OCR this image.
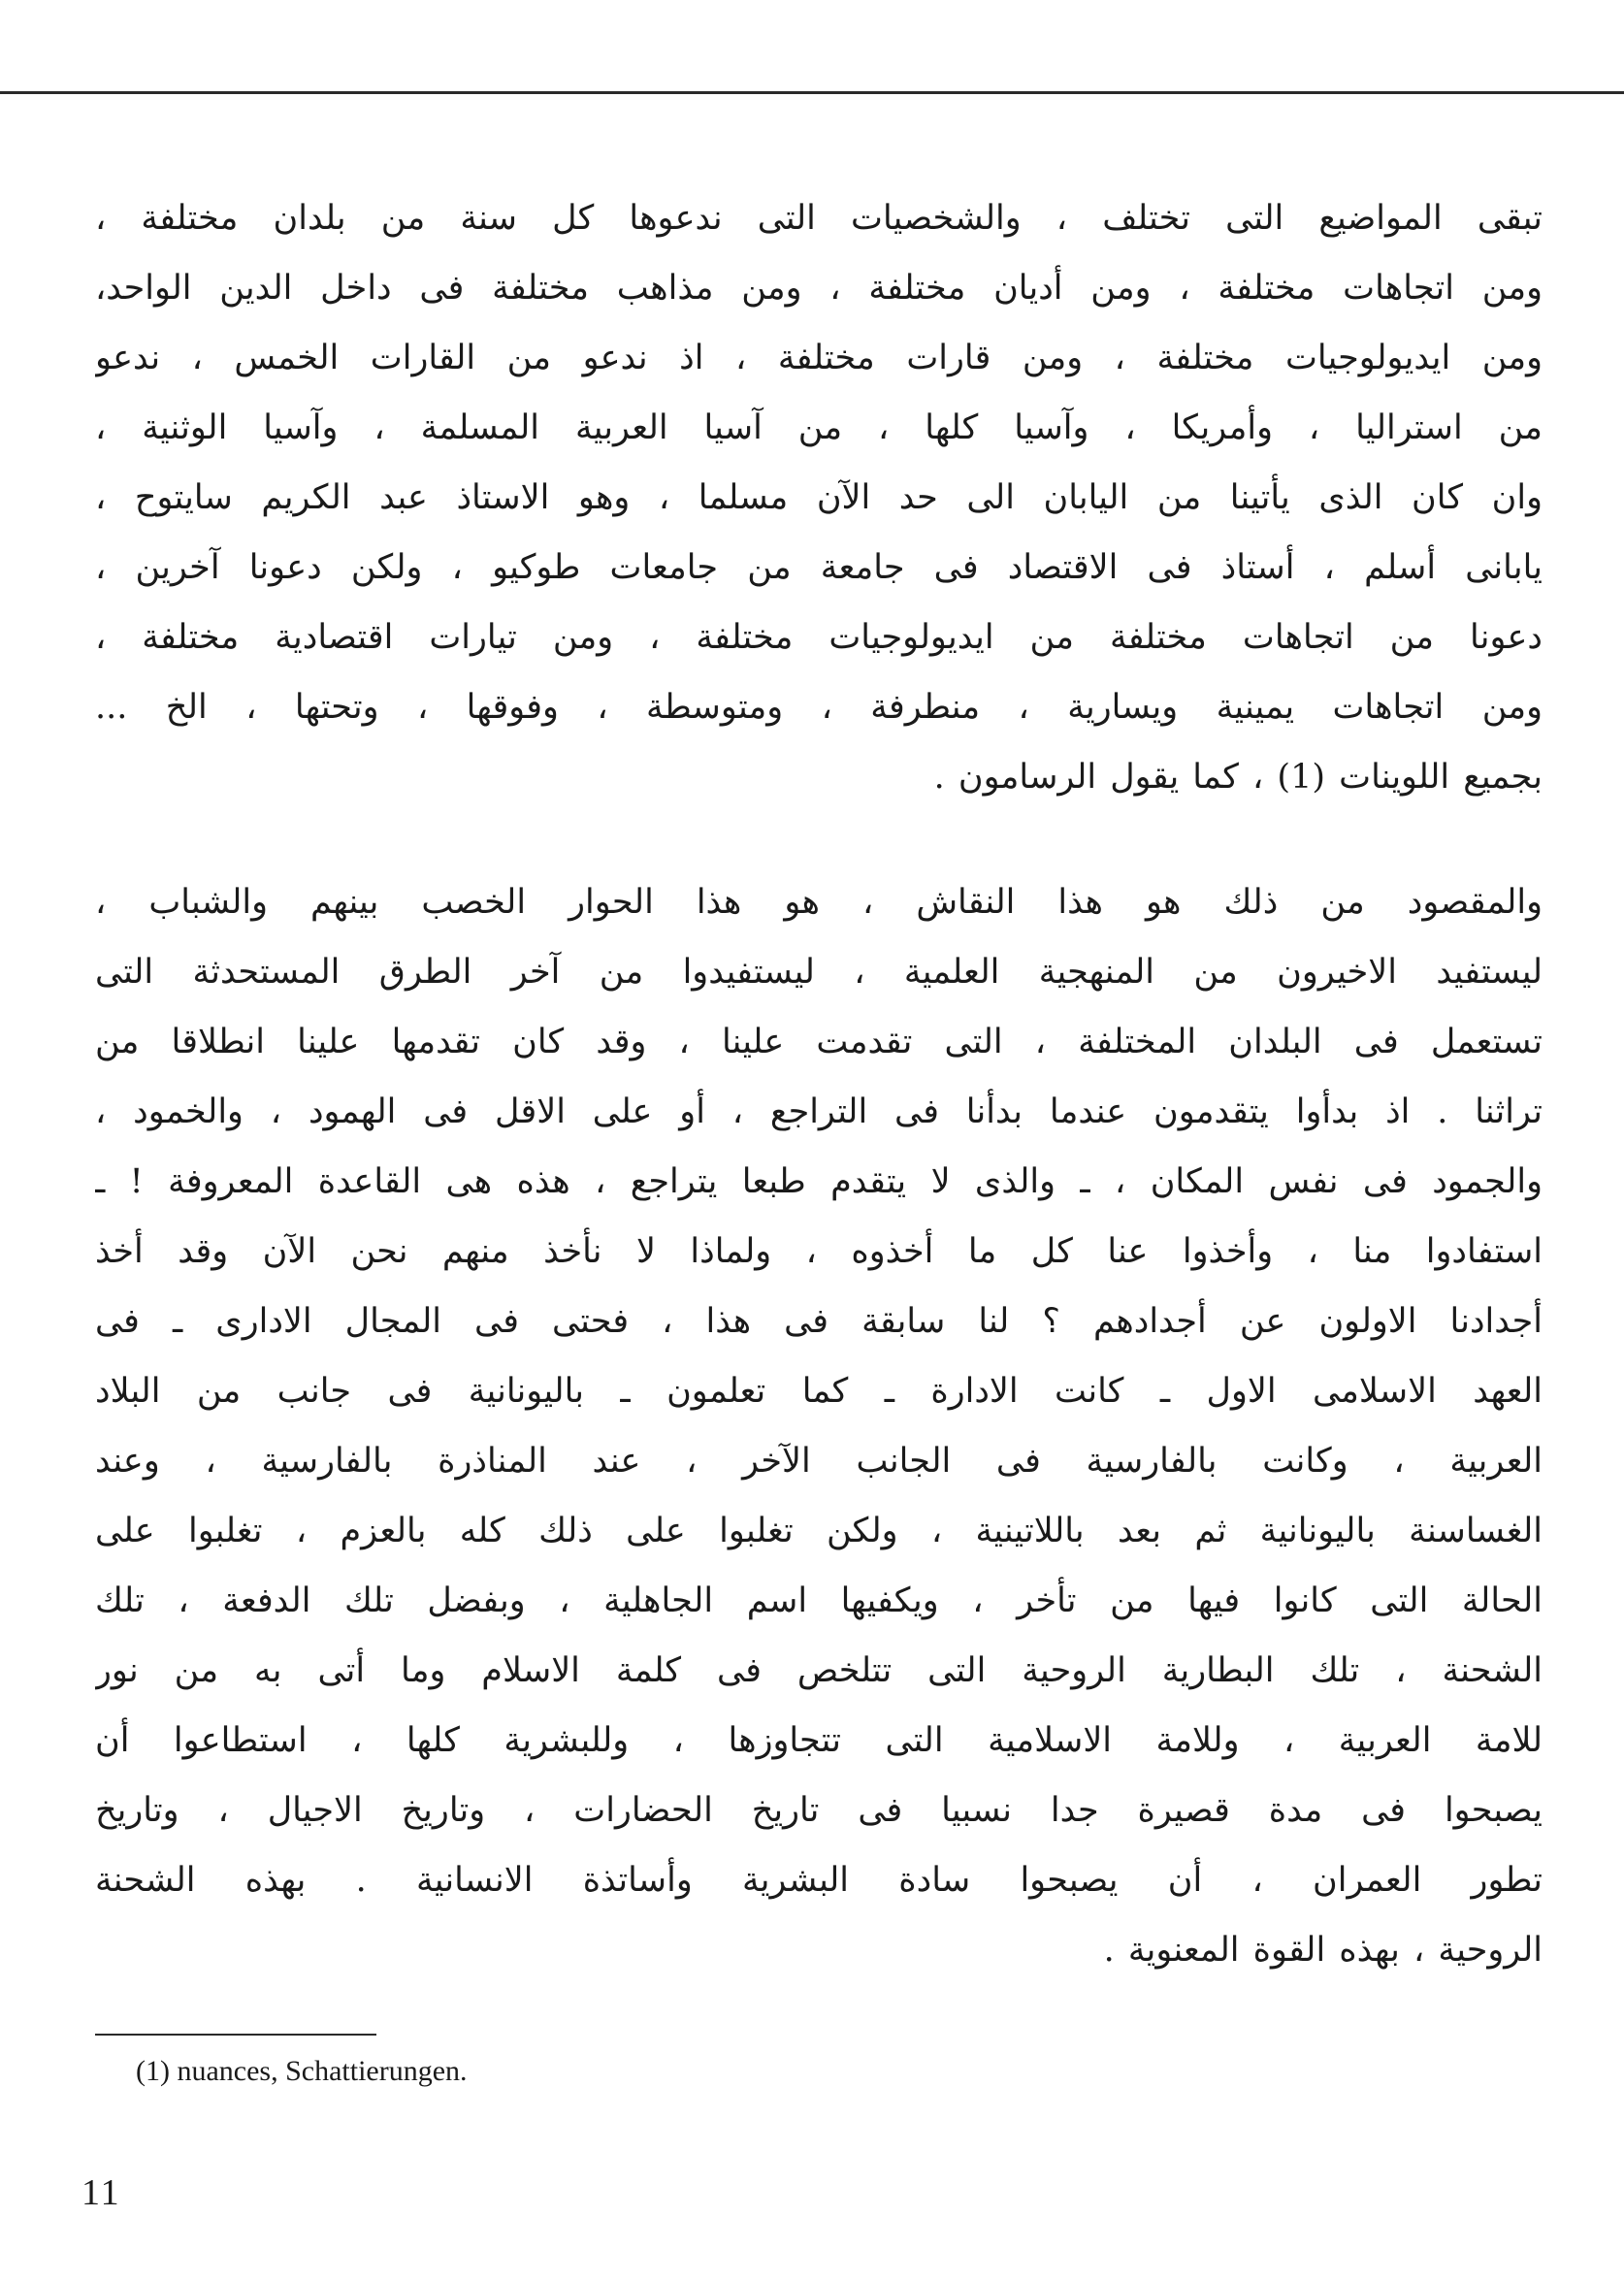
تبقى المواضيع التى تختلف ، والشخصيات التى ندعوها كل سنة من بلدان مختلفة ،
ومن اتجاهات مختلفة ، ومن أديان مختلفة ، ومن مذاهب مختلفة فى داخل الدين الواحد،
ومن ايديولوجيات مختلفة ، ومن قارات مختلفة ، اذ ندعو من القارات الخمس ، ندعو
من استراليا ، وأمريكا ، وآسيا كلها ، من آسيا العربية المسلمة ، وآسيا الوثنية ،
وان كان الذى يأتينا من اليابان الى حد الآن مسلما ، وهو الاستاذ عبد الكريم سايتوح ،
يابانى أسلم ، أستاذ فى الاقتصاد فى جامعة من جامعات طوكيو ، ولكن دعونا آخرين ،
دعونا من اتجاهات مختلفة من ايديولوجيات مختلفة ، ومن تيارات اقتصادية مختلفة ،
ومن اتجاهات يمينية ويسارية ، منطرفة ، ومتوسطة ، وفوقها ، وتحتها ، الخ ...
بجميع اللوينات (1) ، كما يقول الرسامون .
والمقصود من ذلك هو هذا النقاش ، هو هذا الحوار الخصب بينهم والشباب ،
ليستفيد الاخيرون من المنهجية العلمية ، ليستفيدوا من آخر الطرق المستحدثة التى
تستعمل فى البلدان المختلفة ، التى تقدمت علينا ، وقد كان تقدمها علينا انطلاقا من
تراثنا . اذ بدأوا يتقدمون عندما بدأنا فى التراجع ، أو على الاقل فى الهمود ، والخمود ،
والجمود فى نفس المكان ، ـ والذى لا يتقدم طبعا يتراجع ، هذه هى القاعدة المعروفة ! ـ
استفادوا منا ، وأخذوا عنا كل ما أخذوه ، ولماذا لا نأخذ منهم نحن الآن وقد أخذ
أجدادنا الاولون عن أجدادهم ؟ لنا سابقة فى هذا ، فحتى فى المجال الادارى ـ فى
العهد الاسلامى الاول ـ كانت الادارة ـ كما تعلمون ـ باليونانية فى جانب من البلاد
العربية ، وكانت بالفارسية فى الجانب الآخر ، عند المناذرة بالفارسية ، وعند
الغساسنة باليونانية ثم بعد باللاتينية ، ولكن تغلبوا على ذلك كله بالعزم ، تغلبوا على
الحالة التى كانوا فيها من تأخر ، ويكفيها اسم الجاهلية ، وبفضل تلك الدفعة ، تلك
الشحنة ، تلك البطارية الروحية التى تتلخص فى كلمة الاسلام وما أتى به من نور
للامة العربية ، وللامة الاسلامية التى تتجاوزها ، وللبشرية كلها ، استطاعوا أن
يصبحوا فى مدة قصيرة جدا نسبيا فى تاريخ الحضارات ، وتاريخ الاجيال ، وتاريخ
تطور العمران ، أن يصبحوا سادة البشرية وأساتذة الانسانية . بهذه الشحنة
الروحية ، بهذه القوة المعنوية .
(1) nuances, Schattierungen.
11
